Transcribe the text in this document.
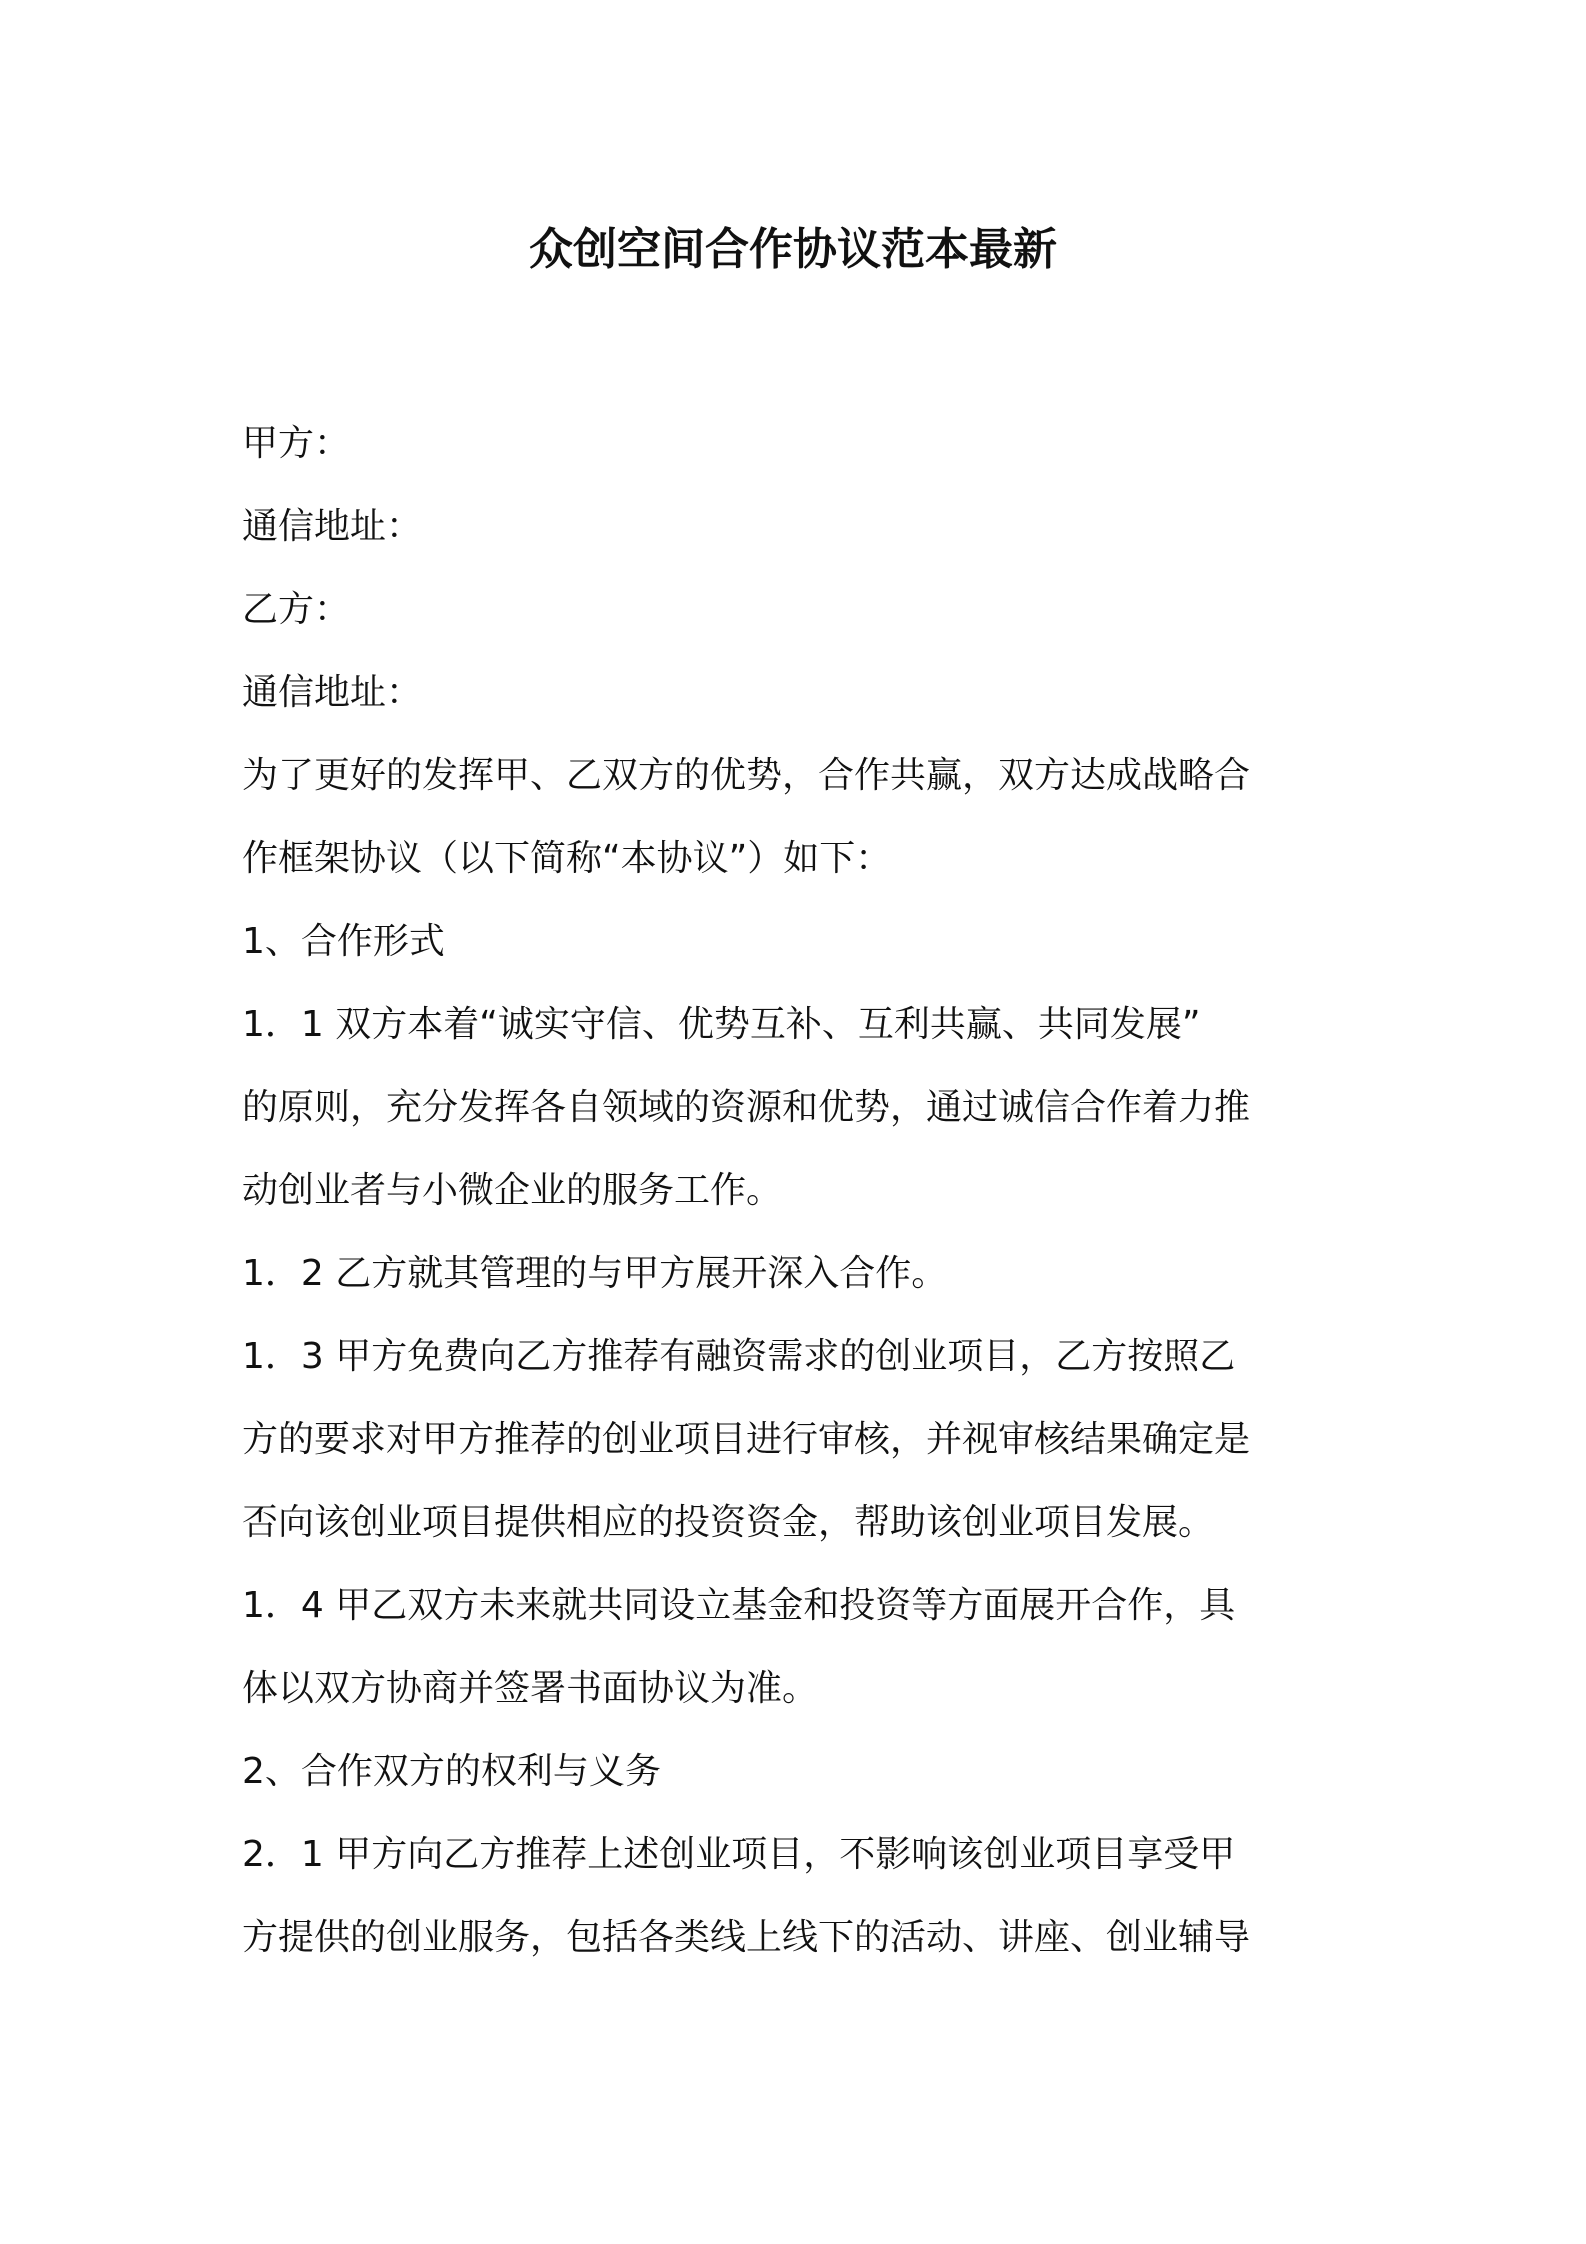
众创空间合作协议范本最新
甲方：
通信地址：
乙方：
通信地址：
为了更好的发挥甲、乙双方的优势，合作共赢，双方达成战略合
作框架协议（以下简称“本协议”）如下：
1、合作形式
1．1 双方本着“诚实守信、优势互补、互利共赢、共同发展”
的原则，充分发挥各自领域的资源和优势，通过诚信合作着力推
动创业者与小微企业的服务工作。
1．2 乙方就其管理的与甲方展开深入合作。
1．3 甲方免费向乙方推荐有融资需求的创业项目，乙方按照乙
方的要求对甲方推荐的创业项目进行审核，并视审核结果确定是
否向该创业项目提供相应的投资资金，帮助该创业项目发展。
1．4 甲乙双方未来就共同设立基金和投资等方面展开合作，具
体以双方协商并签署书面协议为准。
2、合作双方的权利与义务
2．1 甲方向乙方推荐上述创业项目，不影响该创业项目享受甲
方提供的创业服务，包括各类线上线下的活动、讲座、创业辅导
